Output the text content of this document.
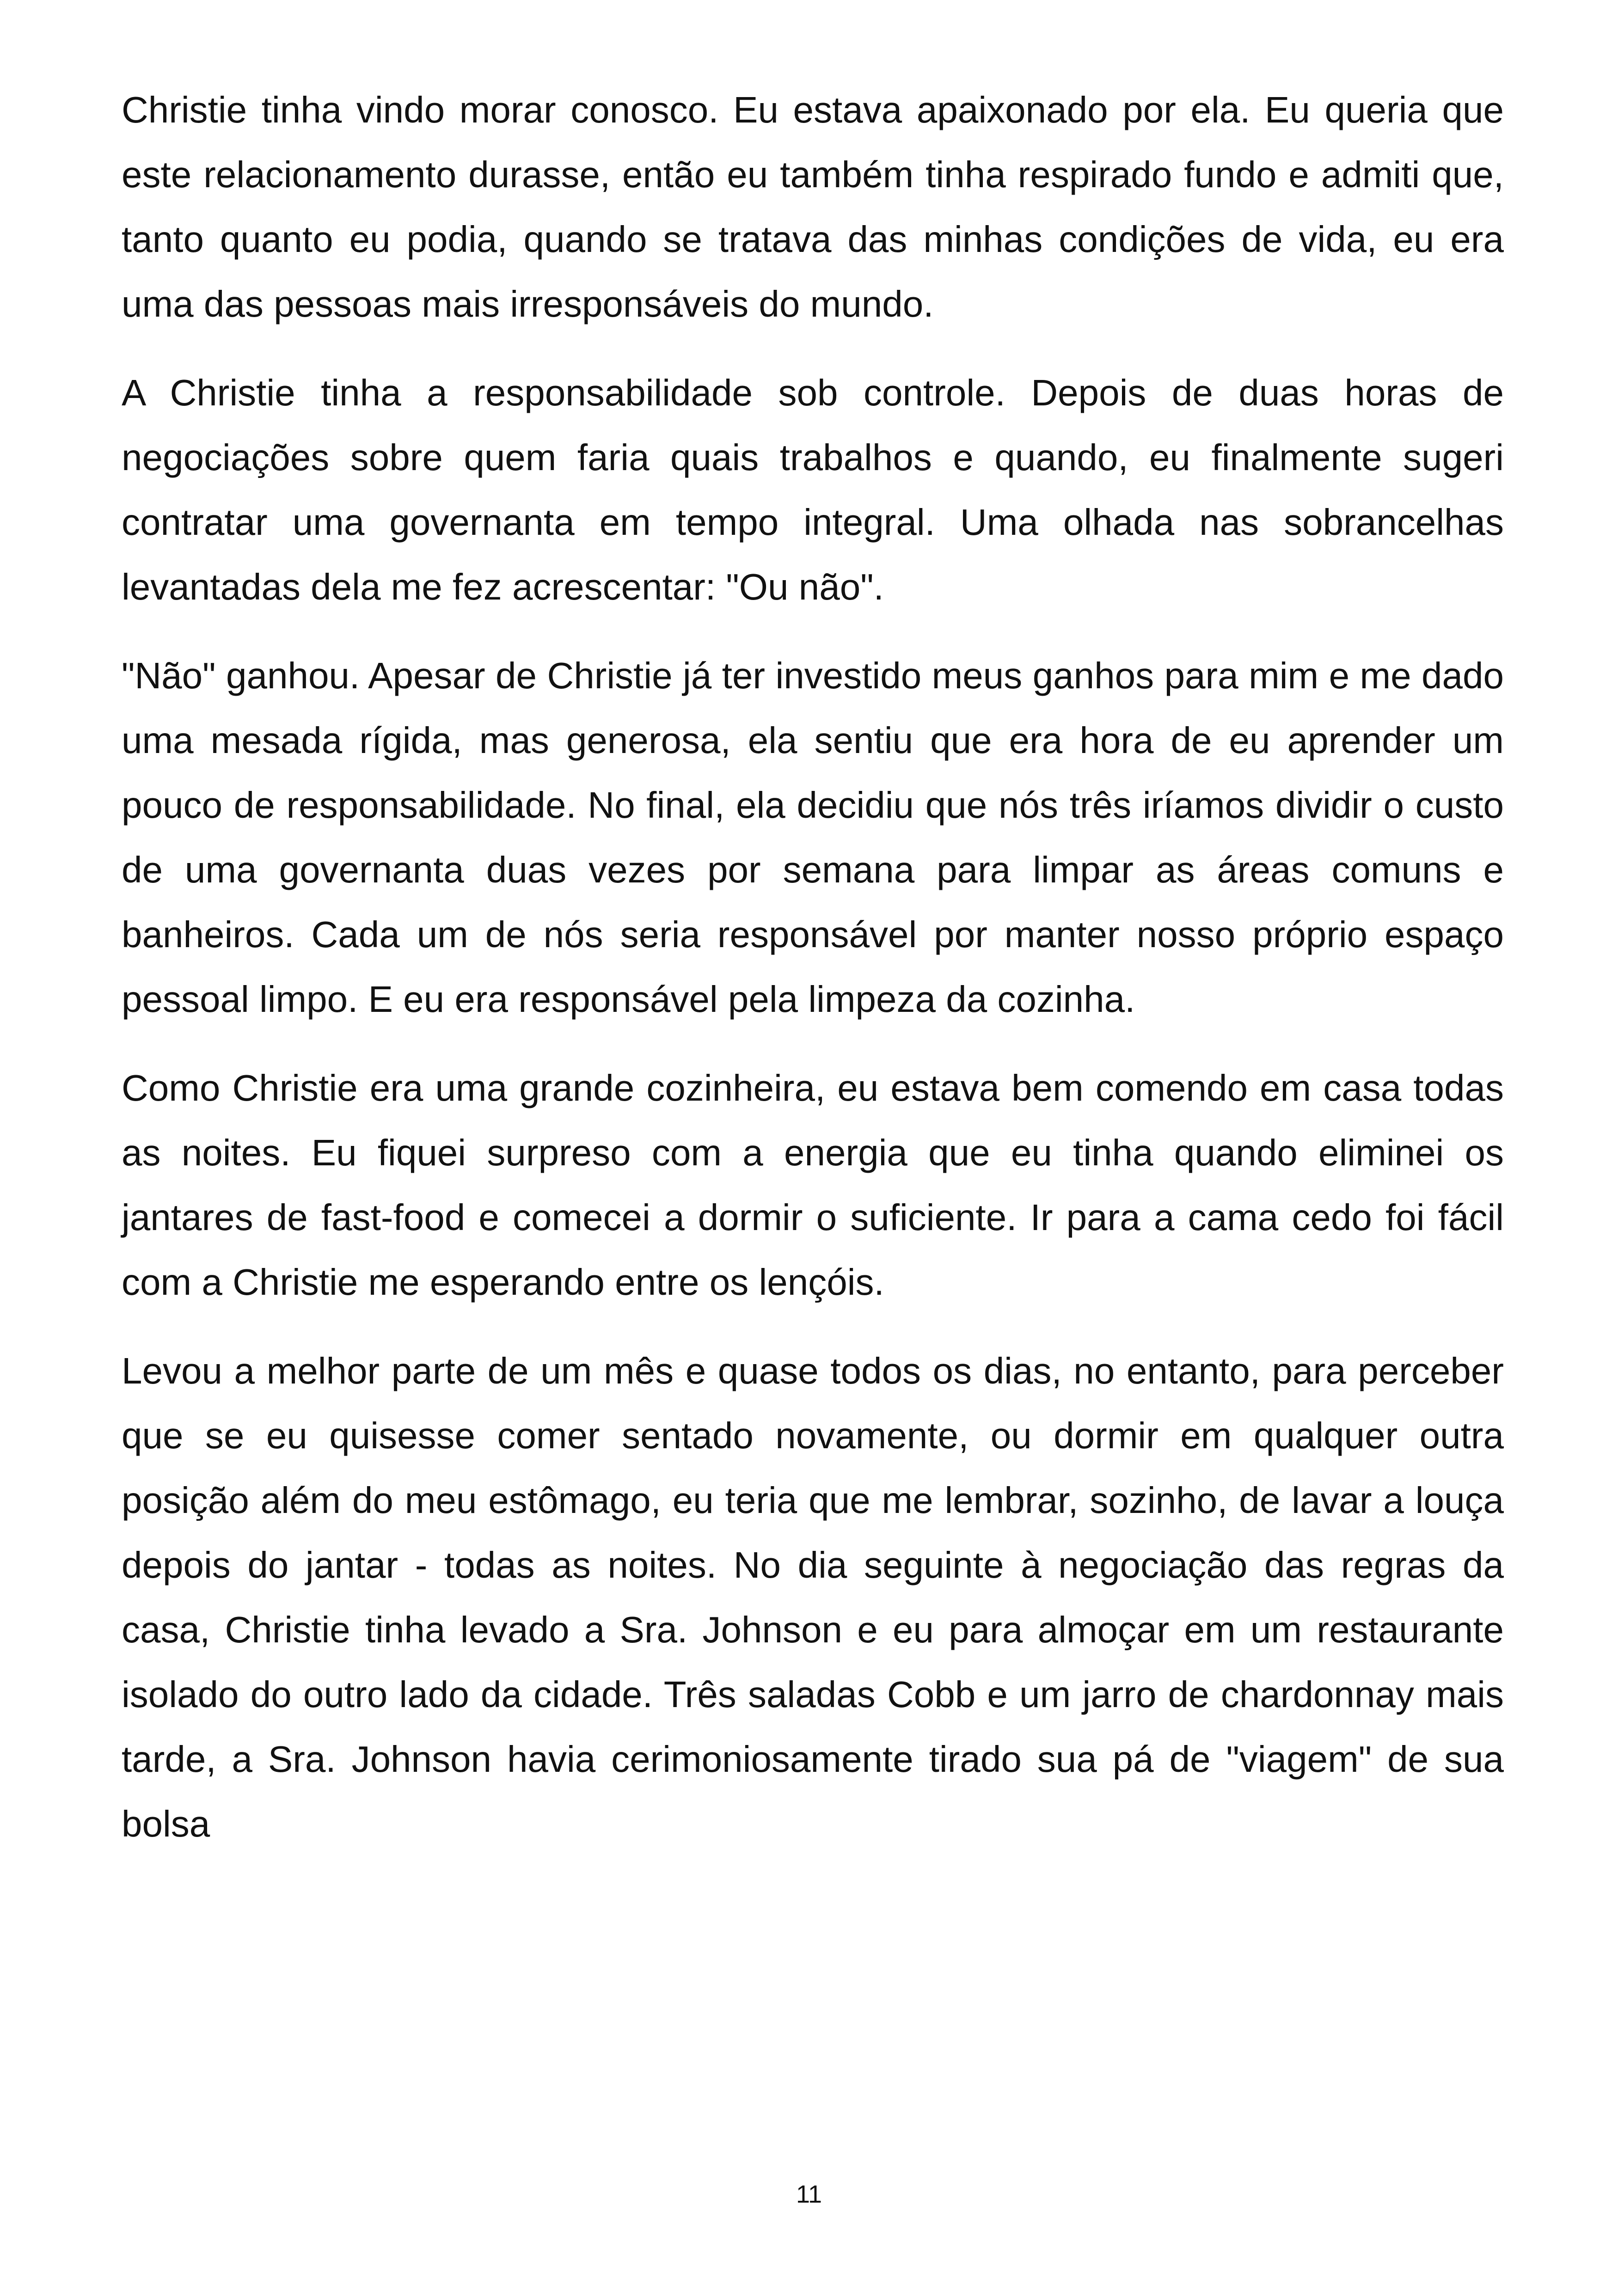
Christie tinha vindo morar conosco. Eu estava apaixonado por ela. Eu queria que este relacionamento durasse, então eu também tinha respirado fundo e admiti que, tanto quanto eu podia, quando se tratava das minhas condições de vida, eu era uma das pessoas mais irresponsáveis do mundo.

A Christie tinha a responsabilidade sob controle. Depois de duas horas de negociações sobre quem faria quais trabalhos e quando, eu finalmente sugeri contratar uma governanta em tempo integral. Uma olhada nas sobrancelhas levantadas dela me fez acrescentar: "Ou não".

"Não" ganhou. Apesar de Christie já ter investido meus ganhos para mim e me dado uma mesada rígida, mas generosa, ela sentiu que era hora de eu aprender um pouco de responsabilidade. No final, ela decidiu que nós três iríamos dividir o custo de uma governanta duas vezes por semana para limpar as áreas comuns e banheiros. Cada um de nós seria responsável por manter nosso próprio espaço pessoal limpo. E eu era responsável pela limpeza da cozinha.

Como Christie era uma grande cozinheira, eu estava bem comendo em casa todas as noites. Eu fiquei surpreso com a energia que eu tinha quando eliminei os jantares de fast-food e comecei a dormir o suficiente. Ir para a cama cedo foi fácil com a Christie me esperando entre os lençóis.

Levou a melhor parte de um mês e quase todos os dias, no entanto, para perceber que se eu quisesse comer sentado novamente, ou dormir em qualquer outra posição além do meu estômago, eu teria que me lembrar, sozinho, de lavar a louça depois do jantar - todas as noites. No dia seguinte à negociação das regras da casa, Christie tinha levado a Sra. Johnson e eu para almoçar em um restaurante isolado do outro lado da cidade. Três saladas Cobb e um jarro de chardonnay mais tarde, a Sra. Johnson havia cerimoniosamente tirado sua pá de "viagem" de sua bolsa

11
